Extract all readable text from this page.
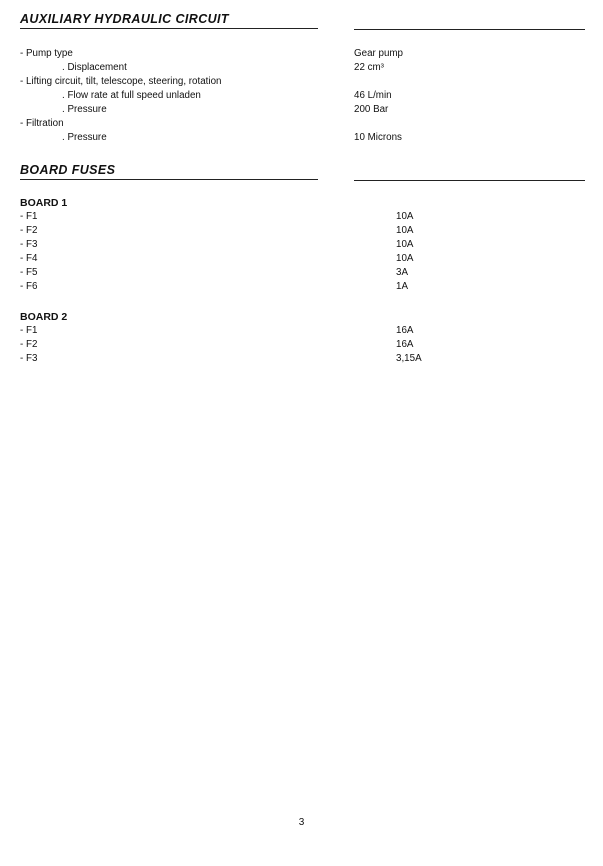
AUXILIARY HYDRAULIC CIRCUIT
- Pump type	Gear pump
. Displacement	22 cm³
- Lifting circuit, tilt, telescope, steering, rotation
. Flow rate at full speed unladen	46 L/min
. Pressure	200 Bar
- Filtration
. Pressure	10 Microns
BOARD FUSES
BOARD 1
- F1	10A
- F2	10A
- F3	10A
- F4	10A
- F5	3A
- F6	1A
BOARD 2
- F1	16A
- F2	16A
- F3	3,15A
3
